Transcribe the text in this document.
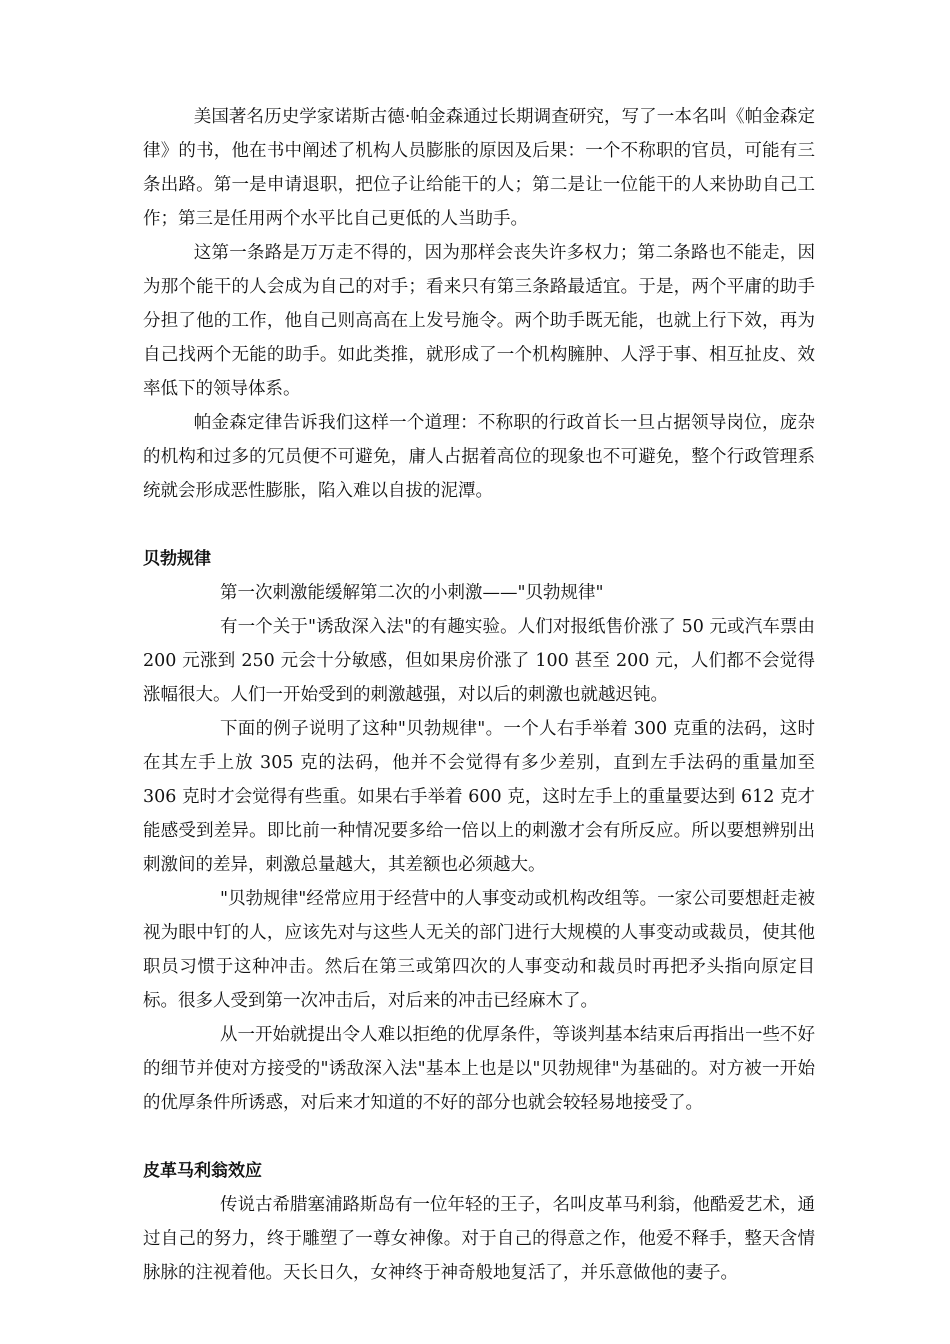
美国著名历史学家诺斯古德·帕金森通过长期调查研究，写了一本名叫《帕金森定律》的书，他在书中阐述了机构人员膨胀的原因及后果：一个不称职的官员，可能有三条出路。第一是申请退职，把位子让给能干的人；第二是让一位能干的人来协助自己工作；第三是任用两个水平比自己更低的人当助手。

这第一条路是万万走不得的，因为那样会丧失许多权力；第二条路也不能走，因为那个能干的人会成为自己的对手；看来只有第三条路最适宜。于是，两个平庸的助手分担了他的工作，他自己则高高在上发号施令。两个助手既无能，也就上行下效，再为自己找两个无能的助手。如此类推，就形成了一个机构臃肿、人浮于事、相互扯皮、效率低下的领导体系。

帕金森定律告诉我们这样一个道理：不称职的行政首长一旦占据领导岗位，庞杂的机构和过多的冗员便不可避免，庸人占据着高位的现象也不可避免，整个行政管理系统就会形成恶性膨胀，陷入难以自拔的泥潭。

贝勃规律

第一次刺激能缓解第二次的小刺激——"贝勃规律"

有一个关于"诱敌深入法"的有趣实验。人们对报纸售价涨了 50 元或汽车票由 200 元涨到 250 元会十分敏感，但如果房价涨了 100 甚至 200 元，人们都不会觉得涨幅很大。人们一开始受到的刺激越强，对以后的刺激也就越迟钝。

下面的例子说明了这种"贝勃规律"。一个人右手举着 300 克重的法码，这时在其左手上放 305 克的法码，他并不会觉得有多少差别，直到左手法码的重量加至 306 克时才会觉得有些重。如果右手举着 600 克，这时左手上的重量要达到 612 克才能感受到差异。即比前一种情况要多给一倍以上的刺激才会有所反应。所以要想辨别出刺激间的差异，刺激总量越大，其差额也必须越大。

"贝勃规律"经常应用于经营中的人事变动或机构改组等。一家公司要想赶走被视为眼中钉的人，应该先对与这些人无关的部门进行大规模的人事变动或裁员，使其他职员习惯于这种冲击。然后在第三或第四次的人事变动和裁员时再把矛头指向原定目标。很多人受到第一次冲击后，对后来的冲击已经麻木了。

从一开始就提出令人难以拒绝的优厚条件，等谈判基本结束后再指出一些不好的细节并使对方接受的"诱敌深入法"基本上也是以"贝勃规律"为基础的。对方被一开始的优厚条件所诱惑，对后来才知道的不好的部分也就会较轻易地接受了。

皮革马利翁效应

传说古希腊塞浦路斯岛有一位年轻的王子，名叫皮革马利翁，他酷爱艺术，通过自己的努力，终于雕塑了一尊女神像。对于自己的得意之作，他爱不释手，整天含情脉脉的注视着他。天长日久，女神终于神奇般地复活了，并乐意做他的妻子。
